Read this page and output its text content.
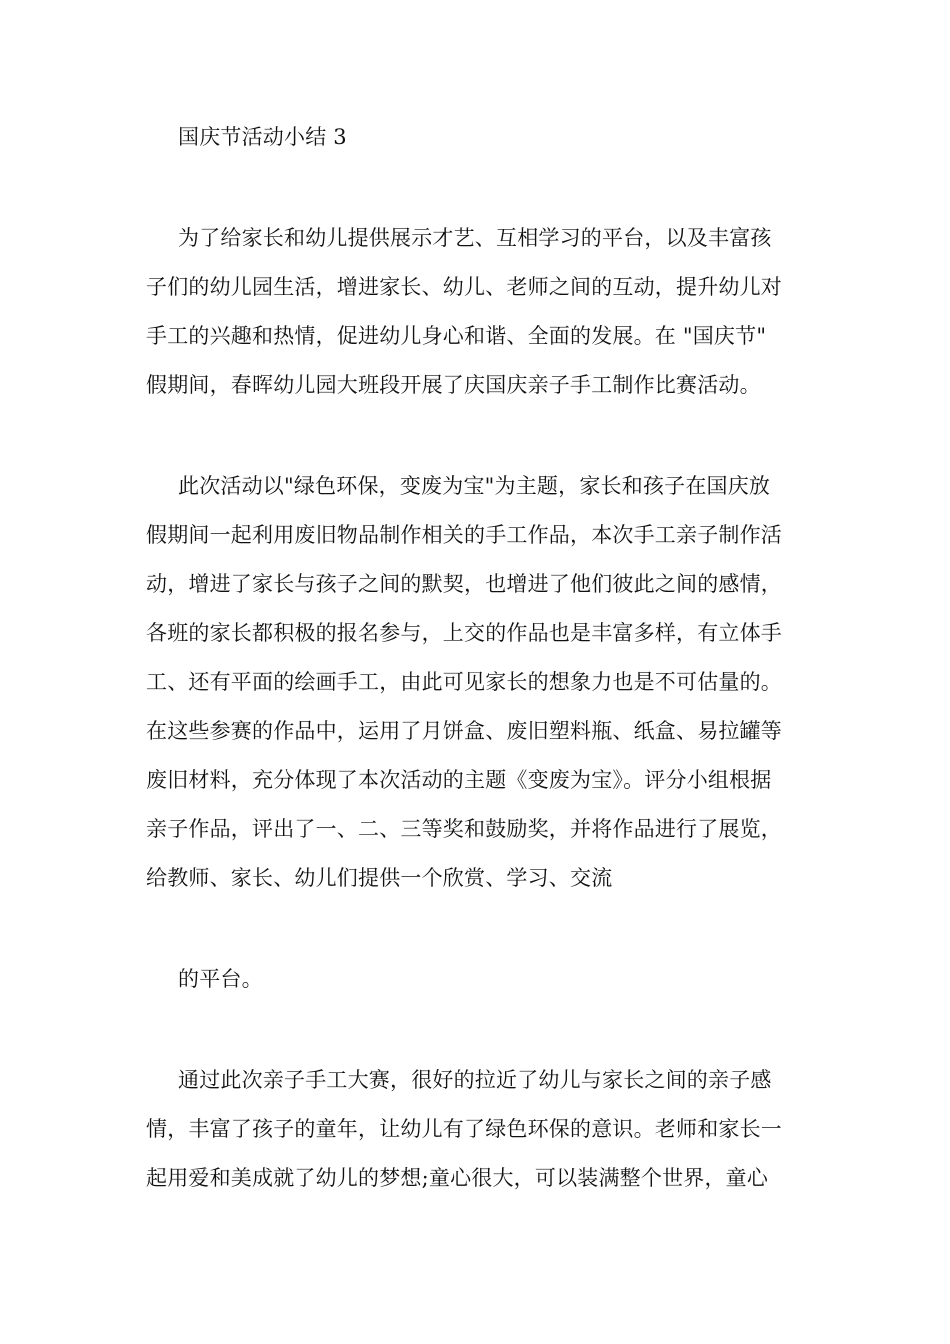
国庆节活动小结 3
为了给家长和幼儿提供展示才艺、互相学习的平台，以及丰富孩
子们的幼儿园生活，增进家长、幼儿、老师之间的互动，提升幼儿对
手工的兴趣和热情，促进幼儿身心和谐、全面的发展。在 "国庆节"
假期间，春晖幼儿园大班段开展了庆国庆亲子手工制作比赛活动。
此次活动以"绿色环保，变废为宝"为主题，家长和孩子在国庆放
假期间一起利用废旧物品制作相关的手工作品，本次手工亲子制作活
动，增进了家长与孩子之间的默契，也增进了他们彼此之间的感情，
各班的家长都积极的报名参与，上交的作品也是丰富多样，有立体手
工、还有平面的绘画手工，由此可见家长的想象力也是不可估量的。
在这些参赛的作品中，运用了月饼盒、废旧塑料瓶、纸盒、易拉罐等
废旧材料，充分体现了本次活动的主题《变废为宝》。评分小组根据
亲子作品，评出了一、二、三等奖和鼓励奖，并将作品进行了展览，
给教师、家长、幼儿们提供一个欣赏、学习、交流
的平台。
通过此次亲子手工大赛，很好的拉近了幼儿与家长之间的亲子感
情，丰富了孩子的童年，让幼儿有了绿色环保的意识。老师和家长一
起用爱和美成就了幼儿的梦想;童心很大，可以装满整个世界，童心
